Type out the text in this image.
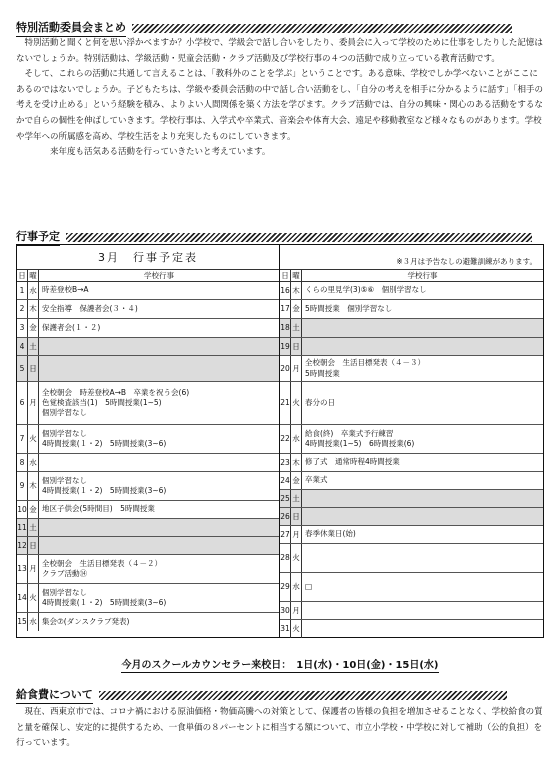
特別活動委員会まとめ

特別活動と聞くと何を思い浮かべますか？小学校で、学級会で話し合いをしたり、委員会に入って学校のために仕事をしたりした記憶はないでしょうか。特別活動は、学級活動・児童会活動・クラブ活動及び学校行事の４つの活動で成り立っている教育活動です。

そして、これらの活動に共通して言えることは、「教科外のことを学ぶ」ということです。ある意味、学校でしか学べないことがここにあるのではないでしょうか。子どもたちは、学級や委員会活動の中で話し合い活動をし、「自分の考えを相手に分かるように話す」「相手の考えを受け止める」という経験を積み、よりよい人間関係を築く方法を学びます。クラブ活動では、自分の興味・関心のある活動をするなかで自らの個性を伸ばしていきます。学校行事は、入学式や卒業式、音楽会や体育大会、遠足や移動教室など様々なものがあります。学校や学年への所属感を高め、学校生活をより充実したものにしていきます。

来年度も活気ある活動を行っていきたいと考えています。

行事予定
3月　行事予定表
日 曜	学校行事
1 水 時差登校B→A
2 木 安全指導　保護者会(３・４)
3 金 保護者会(１・２)
4 土
5 日
6 月
全校朝会　時差登校A→B　卒業を祝う会(6)
色覚検査該当(1)　5時間授業(1~5)
個別学習なし
7 火
個別学習なし
4時間授業(１・2)　5時間授業(3~6)
8 水
9 木
個別学習なし
4時間授業(１・2)　5時間授業(3~6)
10 金 地区子供会(5時間目)　5時間授業
11 土
12 日
13 月
全校朝会　生活目標発表（４－２）
クラブ活動⑭
14 火
個別学習なし
4時間授業(１・2)　5時間授業(3~6)
15 水 集会⑦(ダンスクラブ発表)
※３月は予告なしの避難訓練があります。
日 曜	学校行事
16 木 くらの里見学(3)⑤⑥　個別学習なし
17 金 5時間授業　個別学習なし
18 土
19 日
20 月
全校朝会　生活目標発表（４－３）
5時間授業
21 火 春分の日
22 水
給食(終)　卒業式予行練習
4時間授業(1~5)　6時間授業(6)
23 木 修了式　通常時程4時間授業
24 金 卒業式
25 土
26 日
27 月 春季休業日(始)
28 火
29 水 □
30 月
31 火
今月のスクールカウンセラー来校日：　1日(水)・10日(金)・15日(水)
給食費について

現在、西東京市では、コロナ禍における原油価格・物価高騰への対策として、保護者の皆様の負担を増加させることなく、学校給食の質と量を確保し、安定的に提供するため、一食単価の８パーセントに相当する額について、市立小学校・中学校に対して補助（公的負担）を行っています。
